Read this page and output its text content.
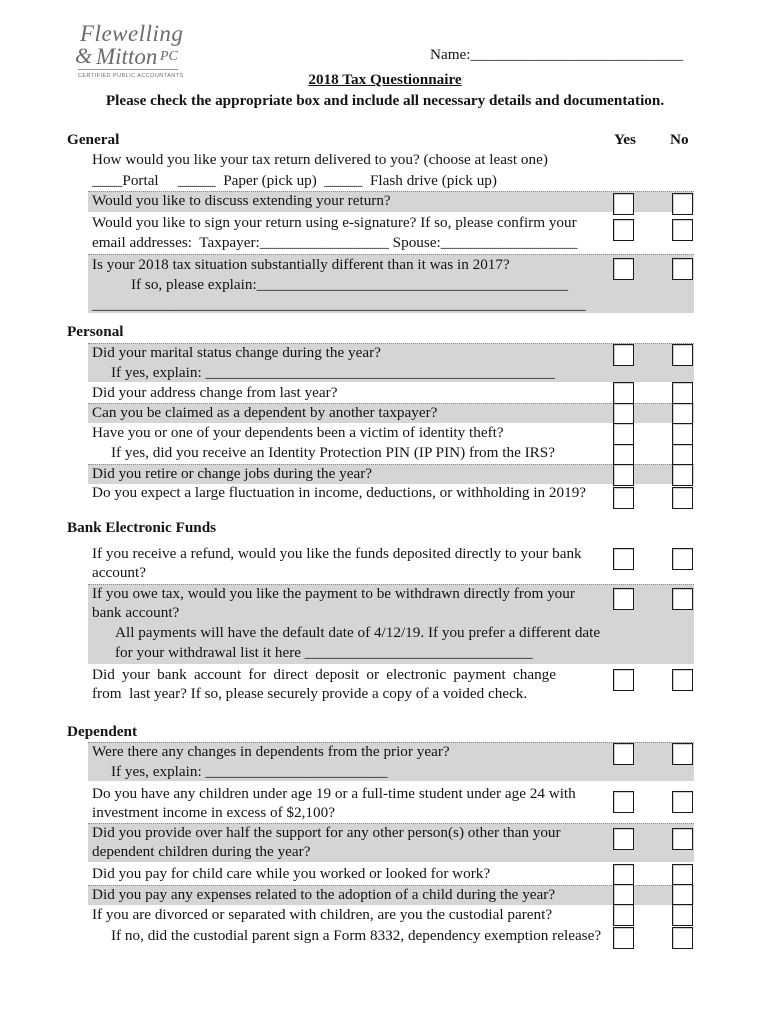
Flewelling
& Mitton
, PC
CERTIFIED PUBLIC ACCOUNTANTS
Name:____________________________
2018 Tax Questionnaire
Please check the appropriate box and include all necessary details and documentation.
Yes No
General
How would you like your tax return delivered to you? (choose at least one)
____Portal     _____  Paper (pick up)  _____  Flash drive (pick up)
Would you like to discuss extending your return?
Would you like to sign your return using e-signature? If so, please confirm your
email addresses:  Taxpayer:_________________ Spouse:__________________
Is your 2018 tax situation substantially different than it was in 2017?
If so, please explain:_________________________________________
_________________________________________________________________
Personal
Did your marital status change during the year?
If yes, explain: ______________________________________________
Did your address change from last year?
Can you be claimed as a dependent by another taxpayer?
Have you or one of your dependents been a victim of identity theft?
If yes, did you receive an Identity Protection PIN (IP PIN) from the IRS?
Did you retire or change jobs during the year?
Do you expect a large fluctuation in income, deductions, or withholding in 2019?
Bank Electronic Funds
If you receive a refund, would you like the funds deposited directly to your bank
account?
If you owe tax, would you like the payment to be withdrawn directly from your
bank account?
All payments will have the default date of 4/12/19. If you prefer a different date
for your withdrawal list it here ______________________________
Did your bank account for direct deposit or electronic payment change
from  last year? If so, please securely provide a copy of a voided check.
Dependent
Were there any changes in dependents from the prior year?
If yes, explain: ________________________
Do you have any children under age 19 or a full-time student under age 24 with
investment income in excess of $2,100?
Did you provide over half the support for any other person(s) other than your
dependent children during the year?
Did you pay for child care while you worked or looked for work?
Did you pay any expenses related to the adoption of a child during the year?
If you are divorced or separated with children, are you the custodial parent?
If no, did the custodial parent sign a Form 8332, dependency exemption release?
